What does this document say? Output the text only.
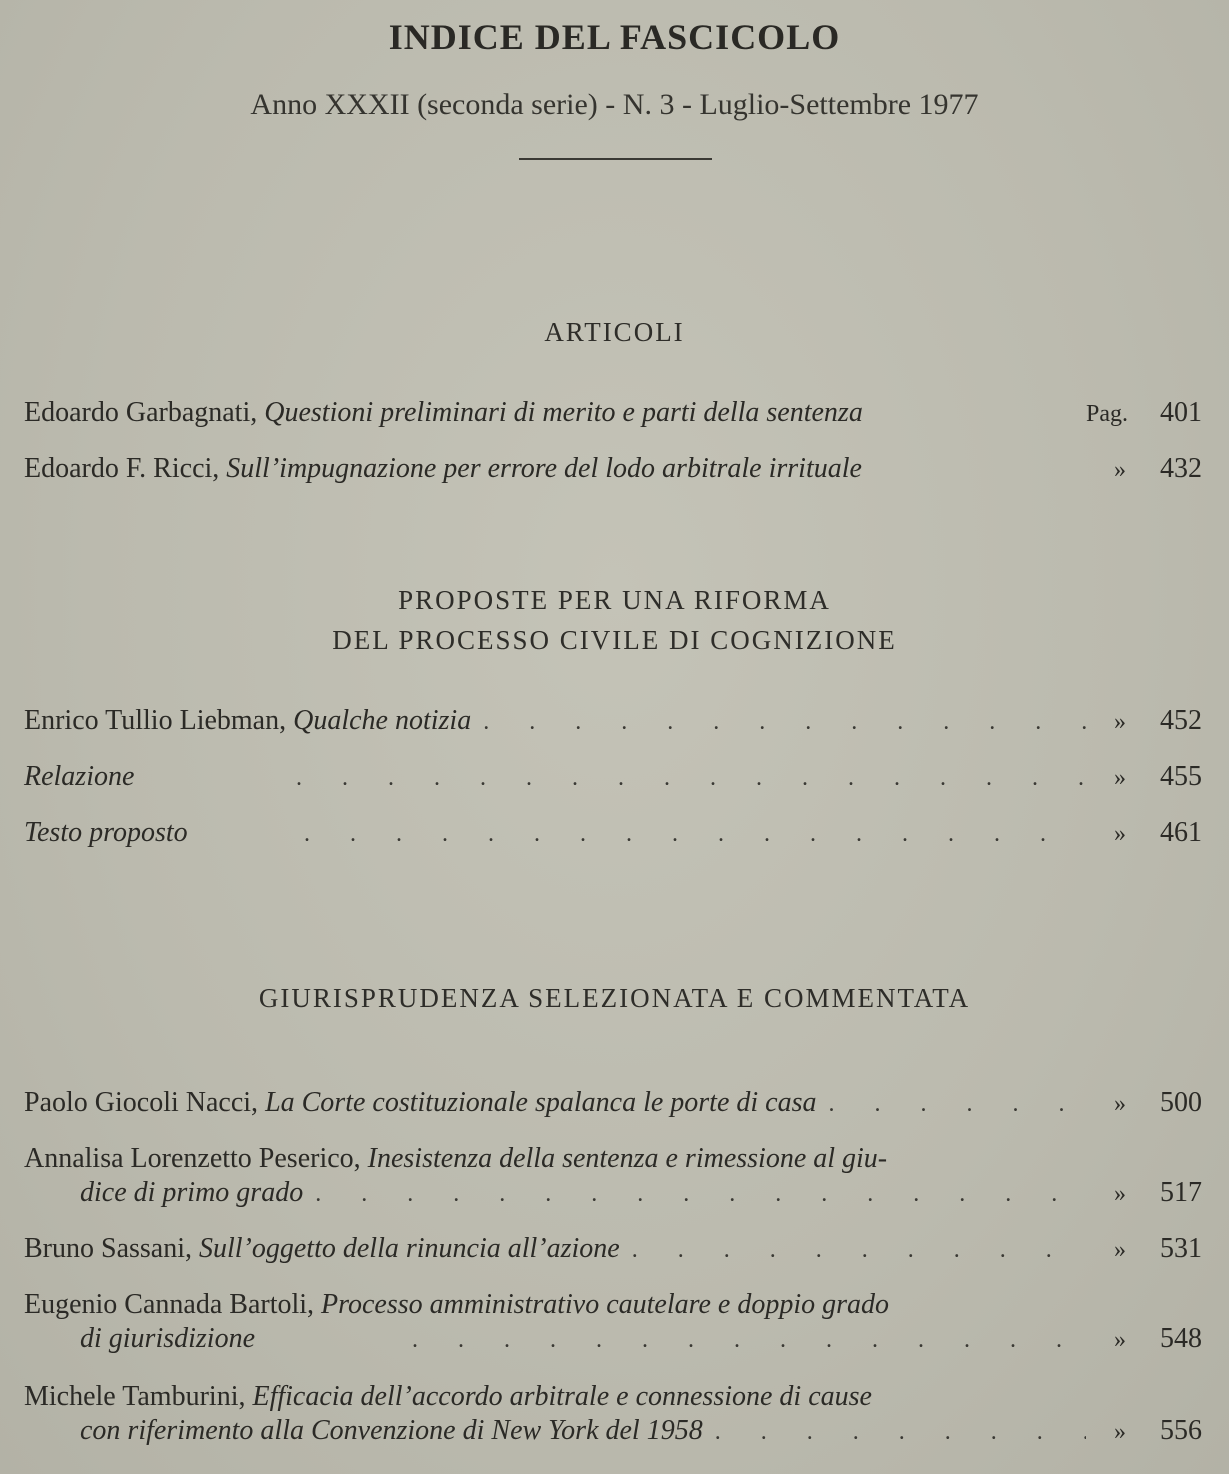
INDICE DEL FASCICOLO
Anno XXXII (seconda serie) - N. 3 - Luglio-Settembre 1977
ARTICOLI
Edoardo Garbagnati, Questioni preliminari di merito e parti della sentenza	Pag.	401
Edoardo F. Ricci, Sull’impugnazione per errore del lodo arbitrale irrituale	»	432
PROPOSTE PER UNA RIFORMA
DEL PROCESSO CIVILE DI COGNIZIONE
Enrico Tullio Liebman, Qualche notizia . . .	»	452
Relazione . . .	»	455
Testo proposto . . .	»	461
GIURISPRUDENZA SELEZIONATA E COMMENTATA
Paolo Giocoli Nacci, La Corte costituzionale spalanca le porte di casa . . .	»	500
Annalisa Lorenzetto Peserico, Inesistenza della sentenza e rimessione al giu-
dice di primo grado . . .	»	517
Bruno Sassani, Sull’oggetto della rinuncia all’azione . . .	»	531
Eugenio Cannada Bartoli, Processo amministrativo cautelare e doppio grado
di giurisdizione . . .	»	548
Michele Tamburini, Efficacia dell’accordo arbitrale e connessione di cause
con riferimento alla Convenzione di New York del 1958 . . .	»	556
